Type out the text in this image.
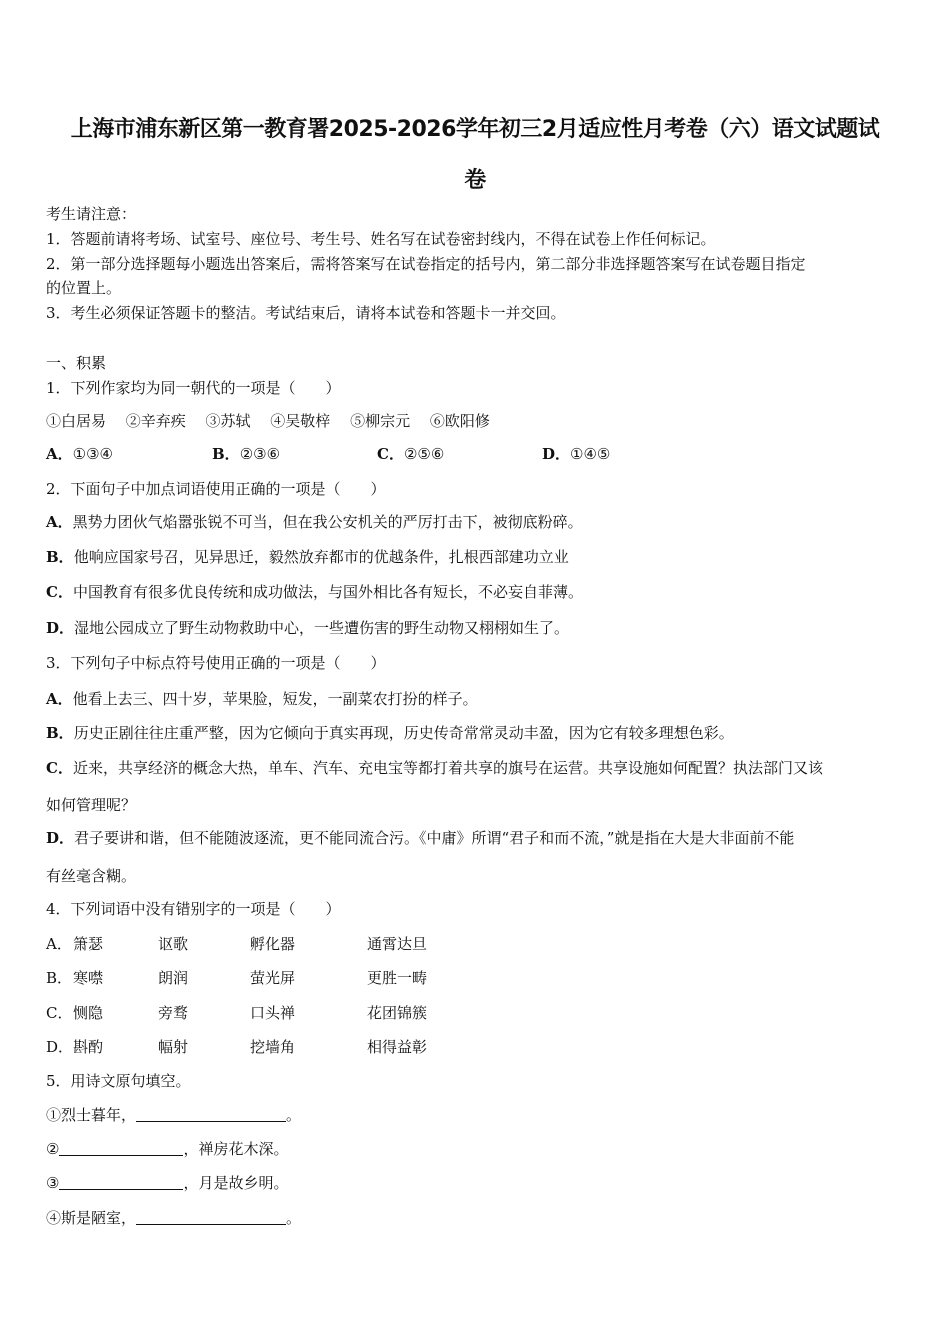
上海市浦东新区第一教育署2025-2026学年初三2月适应性月考卷（六）语文试题试
卷
考生请注意：
1．答题前请将考场、试室号、座位号、考生号、姓名写在试卷密封线内，不得在试卷上作任何标记。
2．第一部分选择题每小题选出答案后，需将答案写在试卷指定的括号内，第二部分非选择题答案写在试卷题目指定
的位置上。
3．考生必须保证答题卡的整洁。考试结束后，请将本试卷和答题卡一并交回。
一、积累
1．下列作家均为同一朝代的一项是（　　）
①白居易　 ②辛弃疾　 ③苏轼　 ④吴敬梓　 ⑤柳宗元　 ⑥欧阳修
A．①③④	B．②③⑥	C．②⑤⑥	D．①④⑤
2．下面句子中加点词语使用正确的一项是（　　）
A．黑势力团伙气焰嚣张锐不可当，但在我公安机关的严厉打击下，被彻底粉碎。
B．他响应国家号召，见异思迁，毅然放弃都市的优越条件，扎根西部建功立业
C．中国教育有很多优良传统和成功做法，与国外相比各有短长，不必妄自菲薄。
D．湿地公园成立了野生动物救助中心，一些遭伤害的野生动物又栩栩如生了。
3．下列句子中标点符号使用正确的一项是（　　）
A．他看上去三、四十岁，苹果脸，短发，一副菜农打扮的样子。
B．历史正剧往往庄重严整，因为它倾向于真实再现，历史传奇常常灵动丰盈，因为它有较多理想色彩。
C．近来，共享经济的概念大热，单车、汽车、充电宝等都打着共享的旗号在运营。共享设施如何配置？执法部门又该
如何管理呢？
D．君子要讲和谐，但不能随波逐流，更不能同流合污。《中庸》所谓“君子和而不流，”就是指在大是大非面前不能
有丝毫含糊。
4．下列词语中没有错别字的一项是（　　）
A． 箫瑟	讴歌	孵化器	通霄达旦
B． 寒噤	朗润	萤光屏	更胜一畴
C． 恻隐	旁骛	口头禅	花团锦簇
D． 斟酌	幅射	挖墙角	相得益彰
5．用诗文原句填空。
①烈士暮年，	。
②	，禅房花木深。
③	，月是故乡明。
④斯是陋室，	。
